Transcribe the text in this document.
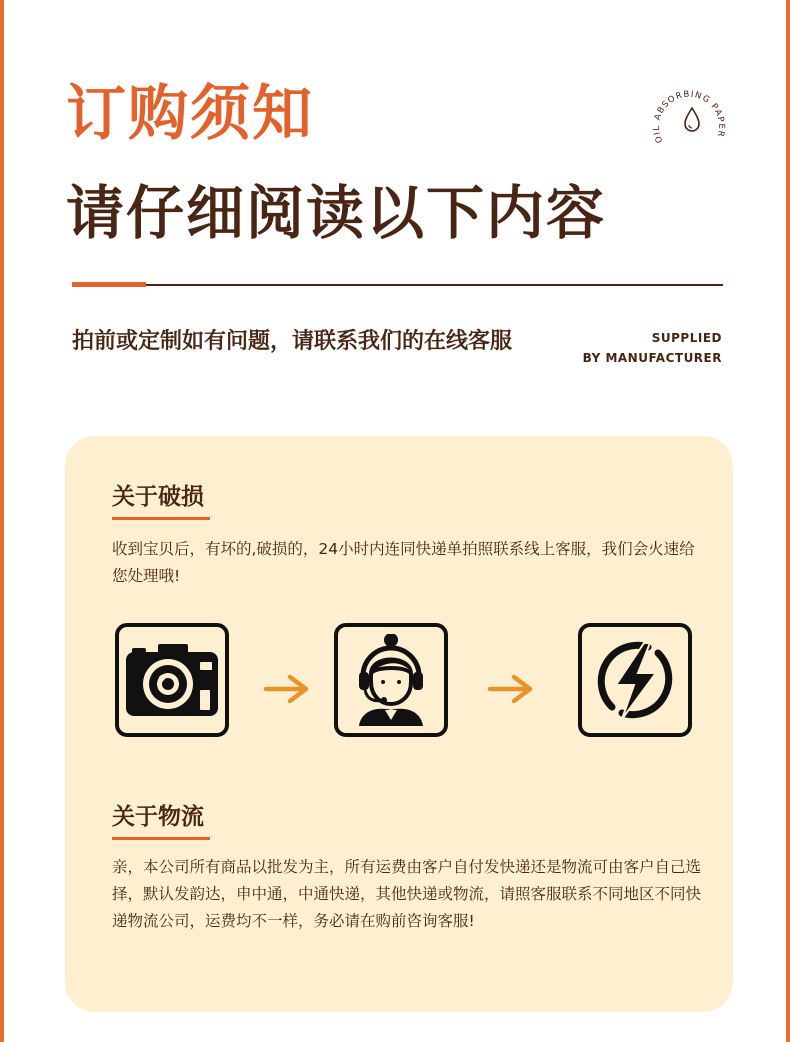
订购须知
请仔细阅读以下内容
OIL ABSORBING PAPER
拍前或定制如有问题，请联系我们的在线客服	SUPPLIED
BY MANUFACTURER
关于破损
收到宝贝后，有坏的,破损的，24小时内连同快递单拍照联系线上客服，我们会火速给您处理哦!
关于物流
亲，本公司所有商品以批发为主，所有运费由客户自付发快递还是物流可由客户自己选择，默认发韵达，申中通，中通快递，其他快递或物流，请照客服联系不同地区不同快递物流公司，运费均不一样，务必请在购前咨询客服!
